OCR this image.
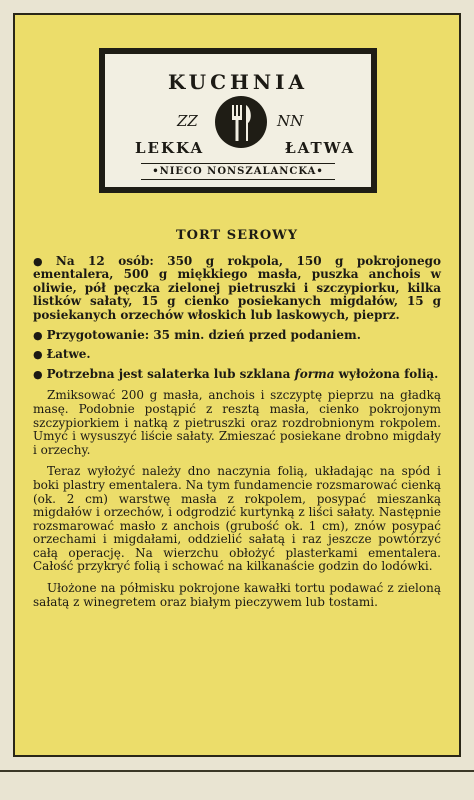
KUCHNIA
ZZ	NN
LEKKA	ŁATWA
•NIECO NONSZALANCKA•
TORT SEROWY
● Na 12 osób: 350 g rokpola, 150 g pokrojonego ementalera, 500 g miękkiego masła, puszka anchois w oliwie, pół pęczka zielonej pietruszki i szczypiorku, kilka listków sałaty, 15 g cienko posiekanych migdałów, 15 g posiekanych orzechów włoskich lub laskowych, pieprz.
● Przygotowanie: 35 min. dzień przed podaniem.
● Łatwe.
● Potrzebna jest salaterka lub szklana forma wyłożona folią.

Zmiksować 200 g masła, anchois i szczyptę pieprzu na gładką masę. Podobnie postąpić z resztą masła, cienko pokrojonym szczypiorkiem i natką z pietruszki oraz rozdrobnionym rokpolem. Umyć i wysuszyć liście sałaty. Zmieszać posiekane drobno migdały i orzechy.

Teraz wyłożyć należy dno naczynia folią, układając na spód i boki plastry ementalera. Na tym fundamencie rozsmarować cienką (ok. 2 cm) warstwę masła z rokpolem, posypać mieszanką migdałów i orzechów, i odgrodzić kurtynką z liści sałaty. Następnie rozsmarować masło z anchois (grubość ok. 1 cm), znów posypać orzechami i migdałami, oddzielić sałatą i raz jeszcze powtórzyć całą operację. Na wierzchu obłożyć plasterkami ementalera. Całość przykryć folią i schować na kilkanaście godzin do lodówki.

Ułożone na półmisku pokrojone kawałki tortu podawać z zieloną sałatą z winegretem oraz białym pieczywem lub tostami.
